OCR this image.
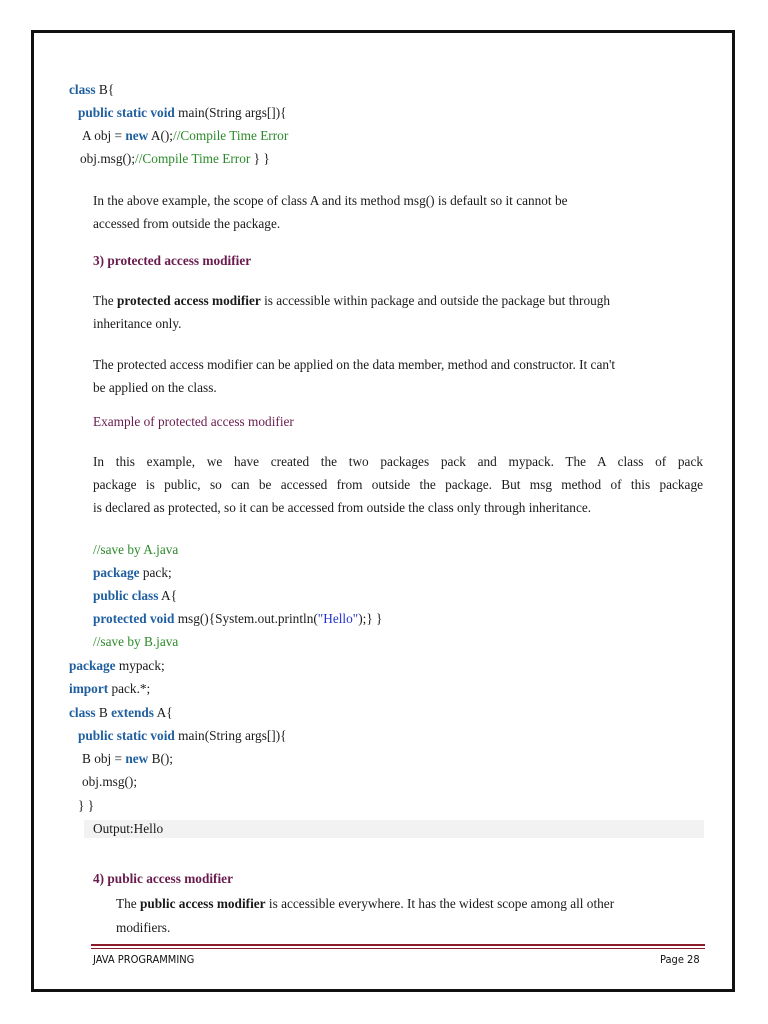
class B{
public static void main(String args[]){
A obj = new A();//Compile Time Error
obj.msg();//Compile Time Error } }
In the above example, the scope of class A and its method msg() is default so it cannot be
accessed from outside the package.
3) protected access modifier
The protected access modifier is accessible within package and outside the package but through
inheritance only.
The protected access modifier can be applied on the data member, method and constructor. It can't
be applied on the class.
Example of protected access modifier
In this example, we have created the two packages pack and mypack. The A class of pack
package is public, so can be accessed from outside the package. But msg method of this package
is declared as protected, so it can be accessed from outside the class only through inheritance.
//save by A.java
package pack;
public class A{
protected void msg(){System.out.println("Hello");} }
//save by B.java
package mypack;
import pack.*;
class B extends A{
public static void main(String args[]){
B obj = new B();
obj.msg();
} }
Output:Hello
4) public access modifier
The public access modifier is accessible everywhere. It has the widest scope among all other
modifiers.
JAVA PROGRAMMING	Page 28
